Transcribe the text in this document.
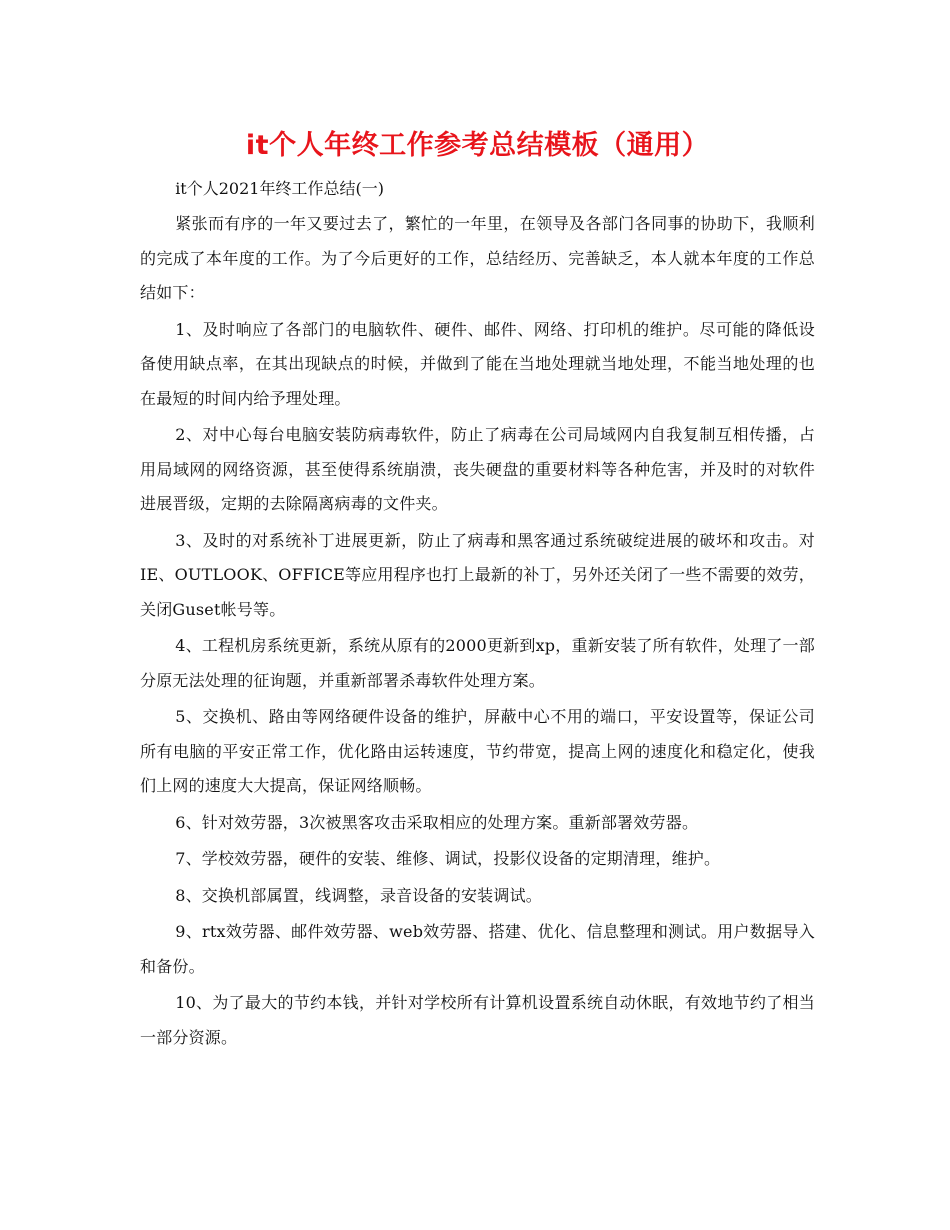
it个人年终工作参考总结模板（通用）

it个人2021年终工作总结(一)

紧张而有序的一年又要过去了，繁忙的一年里，在领导及各部门各同事的协助下，我顺利的完成了本年度的工作。为了今后更好的工作，总结经历、完善缺乏，本人就本年度的工作总结如下：

1、及时响应了各部门的电脑软件、硬件、邮件、网络、打印机的维护。尽可能的降低设备使用缺点率，在其出现缺点的时候，并做到了能在当地处理就当地处理，不能当地处理的也在最短的时间内给予理处理。

2、对中心每台电脑安装防病毒软件，防止了病毒在公司局域网内自我复制互相传播，占用局域网的网络资源，甚至使得系统崩溃，丧失硬盘的重要材料等各种危害，并及时的对软件进展晋级，定期的去除隔离病毒的文件夹。

3、及时的对系统补丁进展更新，防止了病毒和黑客通过系统破绽进展的破坏和攻击。对IE、OUTLOOK、OFFICE等应用程序也打上最新的补丁，另外还关闭了一些不需要的效劳，关闭Guset帐号等。

4、工程机房系统更新，系统从原有的2000更新到xp，重新安装了所有软件，处理了一部分原无法处理的征询题，并重新部署杀毒软件处理方案。

5、交换机、路由等网络硬件设备的维护，屏蔽中心不用的端口，平安设置等，保证公司所有电脑的平安正常工作，优化路由运转速度，节约带宽，提高上网的速度化和稳定化，使我们上网的速度大大提高，保证网络顺畅。

6、针对效劳器，3次被黑客攻击采取相应的处理方案。重新部署效劳器。

7、学校效劳器，硬件的安装、维修、调试，投影仪设备的定期清理，维护。

8、交换机部属置，线调整，录音设备的安装调试。

9、rtx效劳器、邮件效劳器、web效劳器、搭建、优化、信息整理和测试。用户数据导入和备份。

10、为了最大的节约本钱，并针对学校所有计算机设置系统自动休眠，有效地节约了相当一部分资源。
